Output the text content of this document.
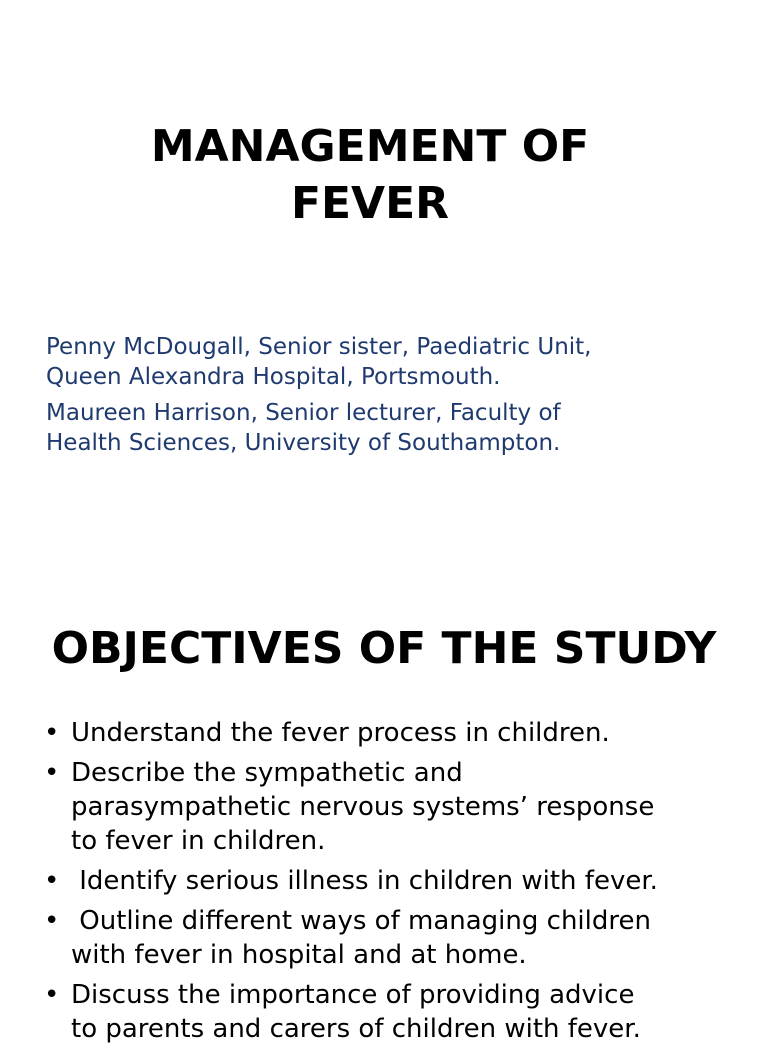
MANAGEMENT OF
FEVER

Penny McDougall, Senior sister, Paediatric Unit,
Queen Alexandra Hospital, Portsmouth.

Maureen Harrison, Senior lecturer, Faculty of
Health Sciences, University of Southampton.

OBJECTIVES OF THE STUDY
• Understand the fever process in children.
• Describe the sympathetic and
parasympathetic nervous systems’ response
to fever in children.
• Identify serious illness in children with fever.
• Outline different ways of managing children
with fever in hospital and at home.
• Discuss the importance of providing advice
to parents and carers of children with fever.
